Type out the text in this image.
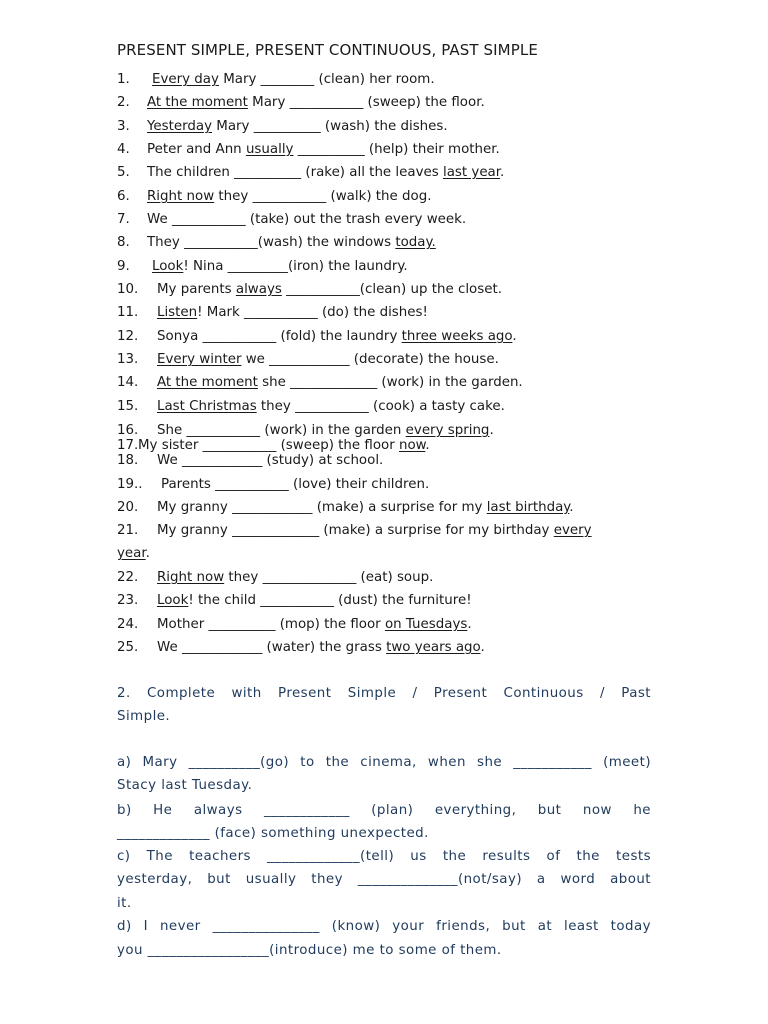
PRESENT SIMPLE, PRESENT CONTINUOUS, PAST SIMPLE
1. Every day Mary ________ (clean) her room.
2. At the moment Mary ___________ (sweep) the floor.
3. Yesterday Mary __________ (wash) the dishes.
4. Peter and Ann usually __________ (help) their mother.
5. The children __________ (rake) all the leaves last year.
6. Right now they ___________ (walk) the dog.
7. We ___________ (take) out the trash every week.
8. They ___________(wash) the windows today.
9. Look! Nina _________(iron) the laundry.
10. My parents always ___________(clean) up the closet.
11. Listen! Mark ___________ (do) the dishes!
12. Sonya ___________ (fold) the laundry three weeks ago.
13. Every winter we ____________ (decorate) the house.
14. At the moment she _____________ (work) in the garden.
15. Last Christmas they ___________ (cook) a tasty cake.
16. She ___________ (work) in the garden every spring.
17. My sister ___________ (sweep) the floor now.
18. We ____________ (study) at school.
19.. Parents ___________ (love) their children.
20. My granny ____________ (make) a surprise for my last birthday.
21. My granny _____________ (make) a surprise for my birthday every
year.
22. Right now they ______________ (eat) soup.
23. Look! the child ___________ (dust) the furniture!
24. Mother __________ (mop) the floor on Tuesdays.
25. We ____________ (water) the grass two years ago.
2. Complete with Present Simple / Present Continuous / Past
Simple.
a) Mary __________(go) to the cinema, when she ___________ (meet)
Stacy last Tuesday.
b) He always ____________ (plan) everything, but now he
_____________ (face) something unexpected.
c) The teachers _____________(tell) us the results of the tests
yesterday, but usually they ______________(not/say) a word about
it.
d) I never _______________ (know) your friends, but at least today
you _________________(introduce) me to some of them.
